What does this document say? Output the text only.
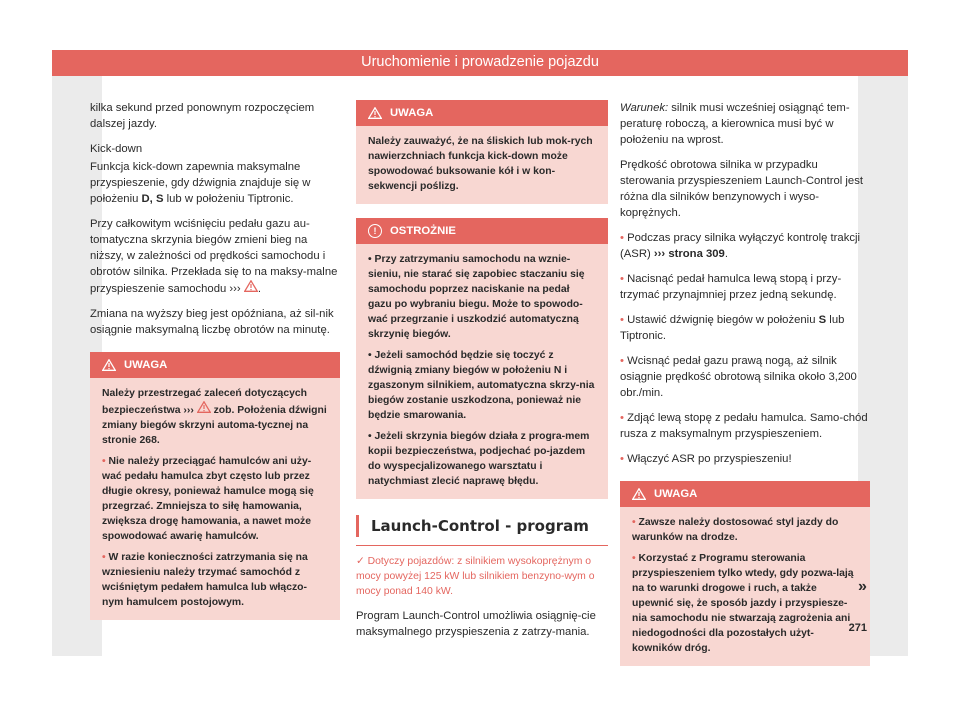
Uruchomienie i prowadzenie pojazdu

kilka sekund przed ponownym rozpoczęciem dalszej jazdy.

Kick-down

Funkcja kick-down zapewnia maksymalne przyspieszenie, gdy dźwignia znajduje się w położeniu D, S lub w położeniu Tiptronic.

Przy całkowitym wciśnięciu pedału gazu au-tomatyczna skrzynia biegów zmieni bieg na niższy, w zależności od prędkości samochodu i obrotów silnika. Przekłada się to na maksy-malne przyspieszenie samochodu ››› .

Zmiana na wyższy bieg jest opóźniana, aż sil-nik osiągnie maksymalną liczbę obrotów na minutę.

UWAGA

Należy przestrzegać zaleceń dotyczących bezpieczeństwa ›››  zob. Położenia dźwigni zmiany biegów skrzyni automa-tycznej na stronie 268.

• Nie należy przeciągać hamulców ani uży-wać pedału hamulca zbyt często lub przez długie okresy, ponieważ hamulce mogą się przegrzać. Zmniejsza to siłę hamowania, zwiększa drogę hamowania, a nawet może spowodować awarię hamulców.

• W razie konieczności zatrzymania się na wzniesieniu należy trzymać samochód z wciśniętym pedałem hamulca lub włączo-nym hamulcem postojowym.

UWAGA

Należy zauważyć, że na śliskich lub mok-rych nawierzchniach funkcja kick-down może spowodować buksowanie kół i w kon-sekwencji poślizg.

!	OSTROŻNIE

• Przy zatrzymaniu samochodu na wznie-sieniu, nie starać się zapobiec staczaniu się samochodu poprzez naciskanie na pedał gazu po wybraniu biegu. Może to spowodo-wać przegrzanie i uszkodzić automatyczną skrzynię biegów.

• Jeżeli samochód będzie się toczyć z dźwignią zmiany biegów w położeniu N i zgaszonym silnikiem, automatyczna skrzy-nia biegów zostanie uszkodzona, ponieważ nie będzie smarowania.

• Jeżeli skrzynia biegów działa z progra-mem kopii bezpieczeństwa, podjechać po-jazdem do wyspecjalizowanego warsztatu i natychmiast zlecić naprawę błędu.

Launch-Control - program
✓ Dotyczy pojazdów: z silnikiem wysokoprężnym o mocy powyżej 125 kW lub silnikiem benzyno-wym o mocy ponad 140 kW.

Program Launch-Control umożliwia osiągnię-cie maksymalnego przyspieszenia z zatrzy-mania.

Warunek: silnik musi wcześniej osiągnąć tem-peraturę roboczą, a kierownica musi być w położeniu na wprost.

Prędkość obrotowa silnika w przypadku sterowania przyspieszeniem Launch-Control jest różna dla silników benzynowych i wyso-koprężnych.

• Podczas pracy silnika wyłączyć kontrolę trakcji (ASR) ››› strona 309.

• Nacisnąć pedał hamulca lewą stopą i przy-trzymać przynajmniej przez jedną sekundę.

• Ustawić dźwignię biegów w położeniu S lub Tiptronic.

• Wcisnąć pedał gazu prawą nogą, aż silnik osiągnie prędkość obrotową silnika około 3,200 obr./min.

• Zdjąć lewą stopę z pedału hamulca. Samo-chód rusza z maksymalnym przyspieszeniem.

• Włączyć ASR po przyspieszeniu!

UWAGA

• Zawsze należy dostosować styl jazdy do warunków na drodze.

• Korzystać z Programu sterowania przyspieszeniem tylko wtedy, gdy pozwa-lają na to warunki drogowe i ruch, a także upewnić się, że sposób jazdy i przyspiesze-nia samochodu nie stwarzają zagrożenia ani niedogodności dla pozostałych użyt-kowników dróg.

»
271
